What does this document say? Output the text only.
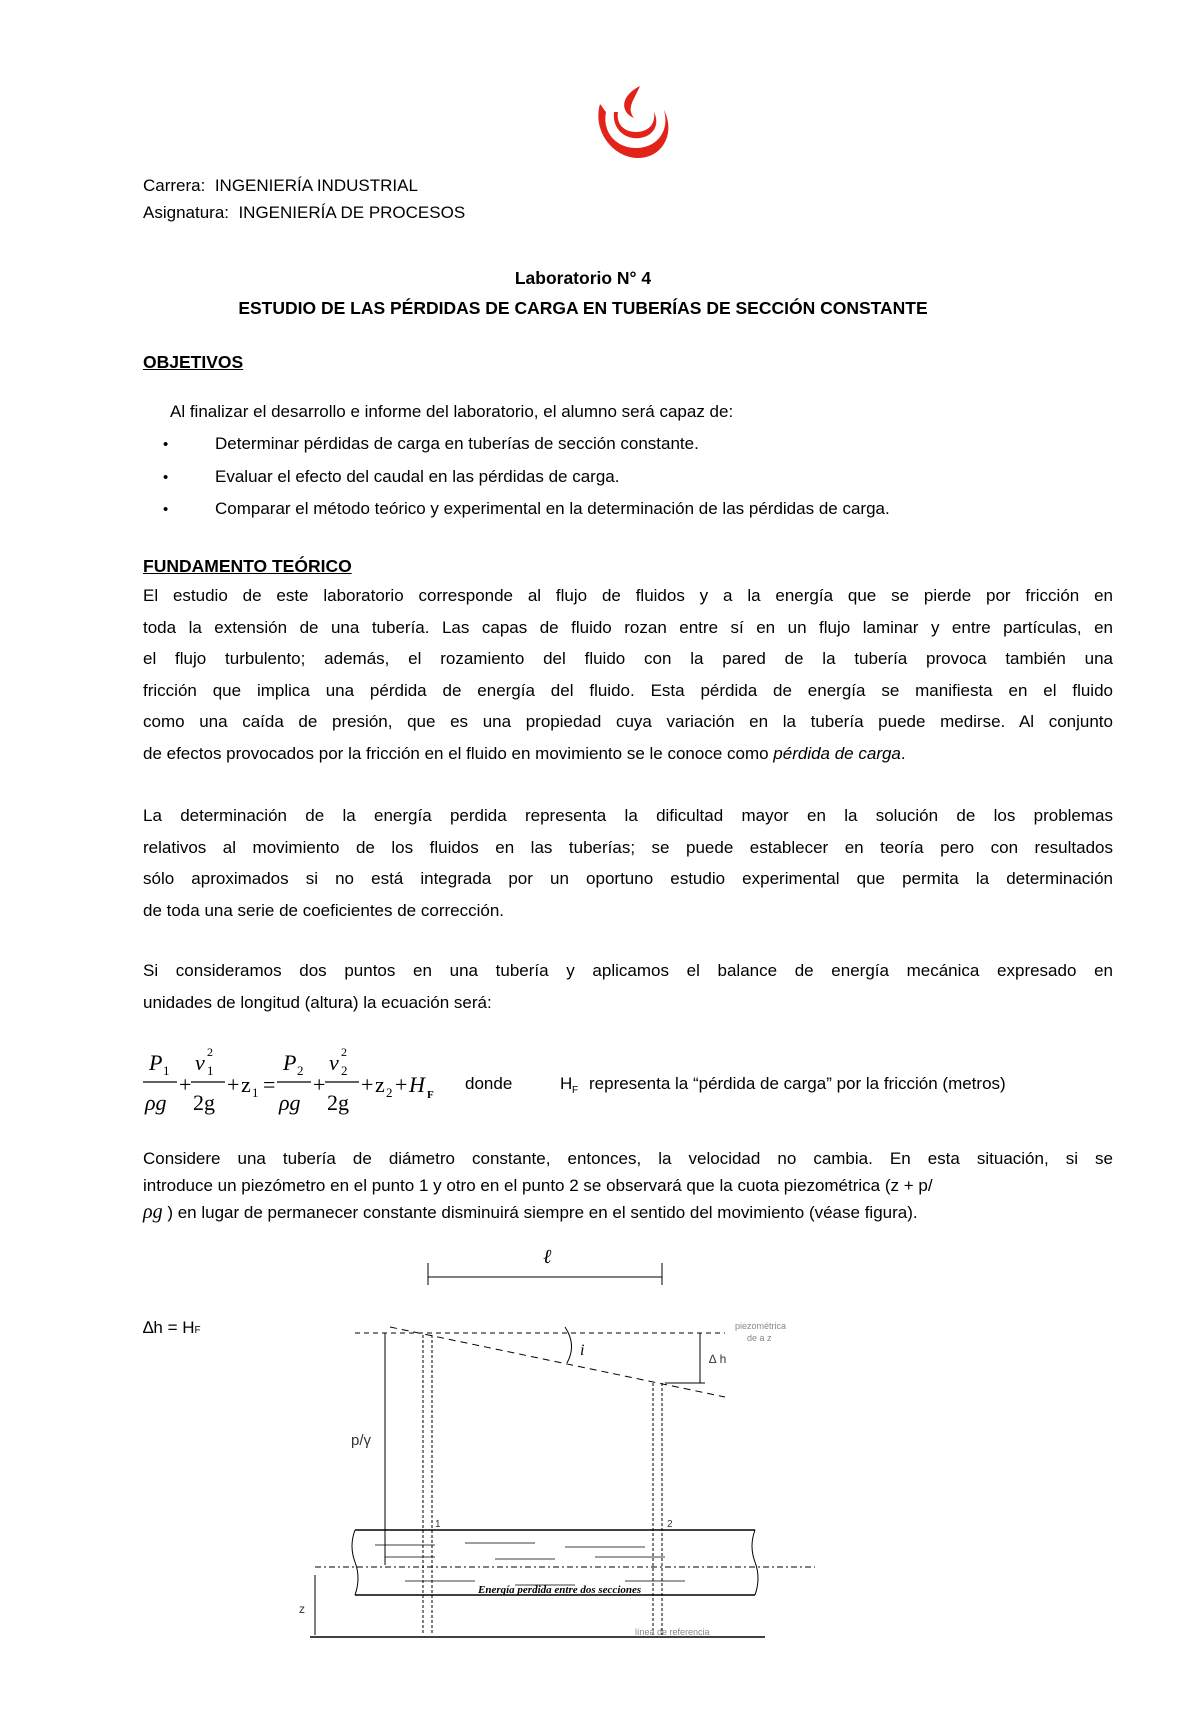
Carrera: INGENIERÍA INDUSTRIAL
Asignatura: INGENIERÍA DE PROCESOS
Laboratorio N° 4
ESTUDIO DE LAS PÉRDIDAS DE CARGA EN TUBERÍAS DE SECCIÓN CONSTANTE
OBJETIVOS
Al finalizar el desarrollo e informe del laboratorio, el alumno será capaz de:
•	Determinar pérdidas de carga en tuberías de sección constante.
•	Evaluar el efecto del caudal en las pérdidas de carga.
•	Comparar el método teórico y experimental en la determinación de las pérdidas de carga.
FUNDAMENTO TEÓRICO
El estudio de este laboratorio corresponde al flujo de fluidos y a la energía que se pierde por fricción en
toda la extensión de una tubería. Las capas de fluido rozan entre sí en un flujo laminar y entre partículas, en
el flujo turbulento; además, el rozamiento del fluido con la pared de la tubería provoca también una
fricción que implica una pérdida de energía del fluido. Esta pérdida de energía se manifiesta en el fluido
como una caída de presión, que es una propiedad cuya variación en la tubería puede medirse. Al conjunto
de efectos provocados por la fricción en el fluido en movimiento se le conoce como pérdida de carga.
La determinación de la energía perdida representa la dificultad mayor en la solución de los problemas
relativos al movimiento de los fluidos en las tuberías; se puede establecer en teoría pero con resultados
sólo aproximados si no está integrada por un oportuno estudio experimental que permita la determinación
de toda una serie de coeficientes de corrección.
Si consideramos dos puntos en una tubería y aplicamos el balance de energía mecánica expresado en
unidades de longitud (altura) la ecuación será:
P 1
ρg
+
v 2
1
2g
+ z 1 =
P 2
ρg
+
v 2
2
2g
+ z 2 + H F
donde	H F representa la “pérdida de carga” por la fricción (metros)
Considere una tubería de diámetro constante, entonces, la velocidad no cambia. En esta situación, si se
introduce un piezómetro en el punto 1 y otro en el punto 2 se observará que la cuota piezométrica (z + p/
ρg ) en lugar de permanecer constante disminuirá siempre en el sentido del movimiento (véase figura).
∆h = HF
ℓ
i	∆ h
p/γ
z
1	2
piezométrica
de a z
línea de referencia
Energía perdida entre dos secciones
